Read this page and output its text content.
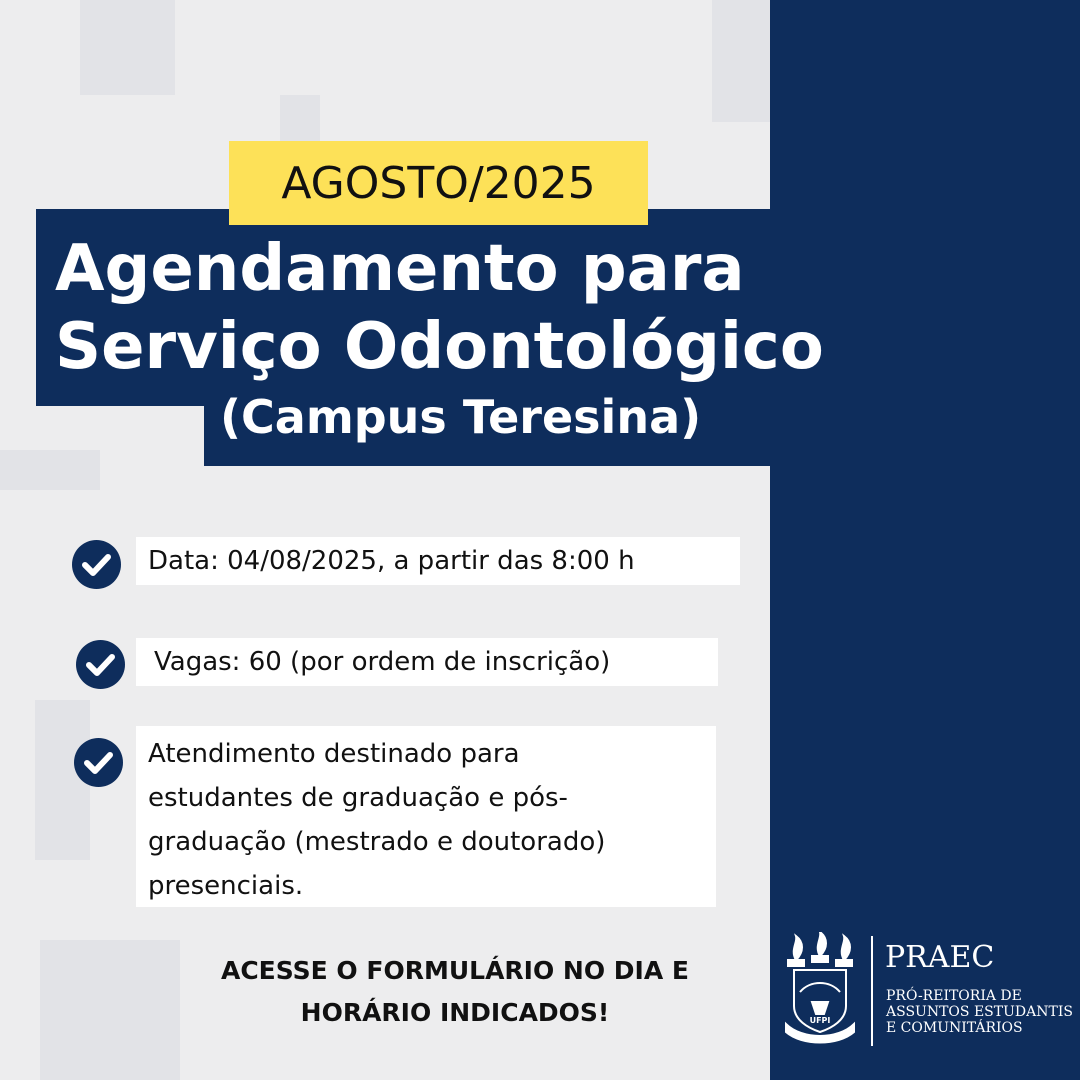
AGOSTO/2025
Agendamento para
Serviço Odontológico
(Campus Teresina)
Data: 04/08/2025, a partir das 8:00 h
Vagas: 60 (por ordem de inscrição)
Atendimento destinado para
estudantes de graduação e pós-
graduação (mestrado e doutorado)
presenciais.
ACESSE O FORMULÁRIO NO DIA E
HORÁRIO INDICADOS!	UFPI
PRAEC
PRÓ-REITORIA DE
ASSUNTOS ESTUDANTIS
E COMUNITÁRIOS
